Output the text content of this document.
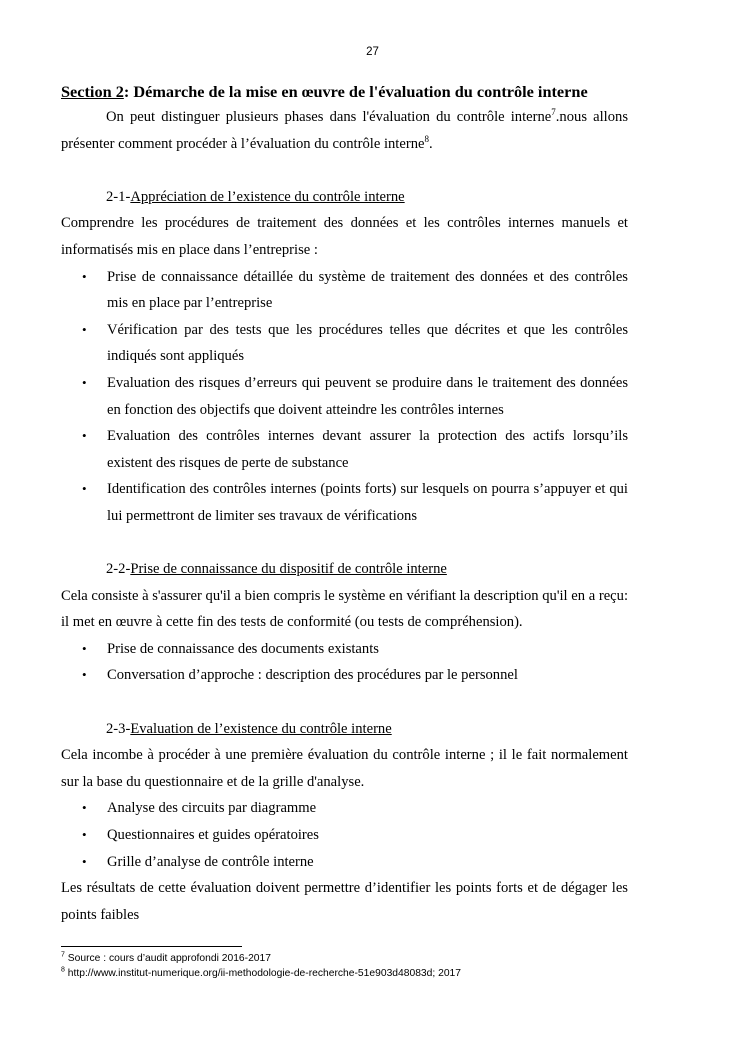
27
Section 2: Démarche de la mise en œuvre de l'évaluation du contrôle interne

On peut distinguer plusieurs phases dans l'évaluation du contrôle interne$^7$.nous allons présenter comment procéder à l’évaluation du contrôle interne$^8$.

2-1-Appréciation de l’existence du contrôle interne

Comprendre les procédures de traitement des données et les contrôles internes manuels et informatisés mis en place dans l’entreprise :

• Prise de connaissance détaillée du système de traitement des données et des contrôles mis en place par l’entreprise
• Vérification par des tests que les procédures telles que décrites et que les contrôles indiqués sont appliqués
• Evaluation des risques d’erreurs qui peuvent se produire dans le traitement des données en fonction des objectifs que doivent atteindre les contrôles internes
• Evaluation des contrôles internes devant assurer la protection des actifs lorsqu’ils existent des risques de perte de substance
• Identification des contrôles internes (points forts) sur lesquels on pourra s’appuyer et qui lui permettront de limiter ses travaux de vérifications
2-2-Prise de connaissance du dispositif de contrôle interne

Cela consiste à s'assurer qu'il a bien compris le système en vérifiant la description qu'il en a reçu: il met en œuvre à cette fin des tests de conformité (ou tests de compréhension).

• Prise de connaissance des documents existants
• Conversation d’approche : description des procédures par le personnel
2-3-Evaluation de l’existence du contrôle interne

Cela incombe à procéder à une première évaluation du contrôle interne ; il le fait normalement sur la base du questionnaire et de la grille d'analyse.

• Analyse des circuits par diagramme
• Questionnaires et guides opératoires
• Grille d’analyse de contrôle interne

Les résultats de cette évaluation doivent permettre d’identifier les points forts et de dégager les points faibles

$^7$ Source : cours d’audit approfondi 2016-2017
$^8$ http://www.institut-numerique.org/ii-methodologie-de-recherche-51e903d48083d; 2017
